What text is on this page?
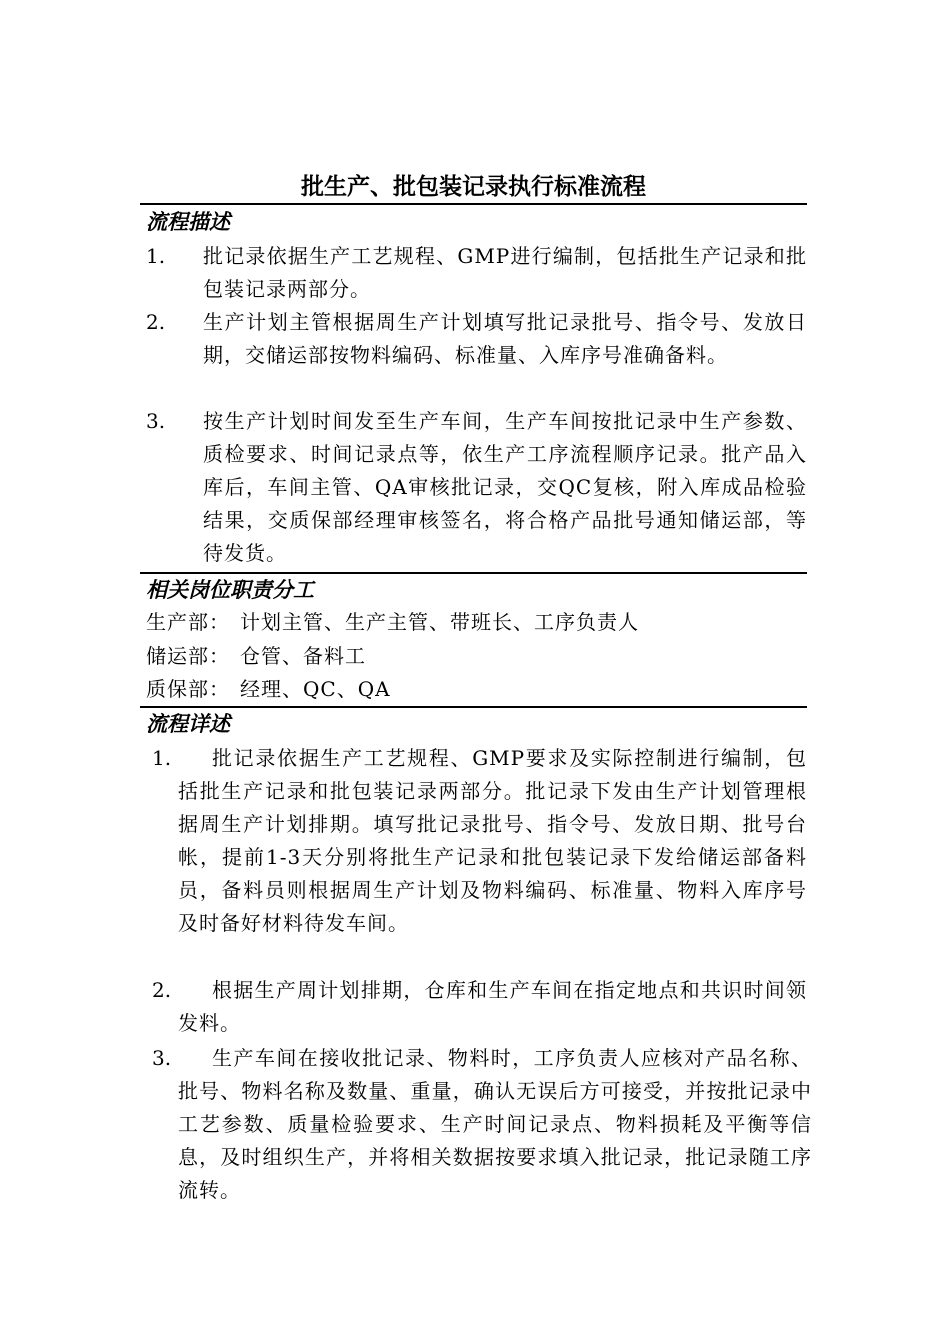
批生产、批包装记录执行标准流程
流程描述
1. 批记录依据生产工艺规程、GMP进行编制，包括批生产记录和批包装记录两部分。
2. 生产计划主管根据周生产计划填写批记录批号、指令号、发放日期，交储运部按物料编码、标准量、入库序号准确备料。
3. 按生产计划时间发至生产车间，生产车间按批记录中生产参数、质检要求、时间记录点等，依生产工序流程顺序记录。批产品入库后，车间主管、QA审核批记录，交QC复核，附入库成品检验结果，交质保部经理审核签名，将合格产品批号通知储运部，等待发货。
相关岗位职责分工
生产部： 计划主管、生产主管、带班长、工序负责人
储运部： 仓管、备料工
质保部： 经理、QC、QA
流程详述
1.	批记录依据生产工艺规程、GMP要求及实际控制进行编制，包括批生产记录和批包装记录两部分。批记录下发由生产计划管理根据周生产计划排期。填写批记录批号、指令号、发放日期、批号台帐，提前1-3天分别将批生产记录和批包装记录下发给储运部备料员，备料员则根据周生产计划及物料编码、标准量、物料入库序号及时备好材料待发车间。
2.	根据生产周计划排期，仓库和生产车间在指定地点和共识时间领发料。
3.	生产车间在接收批记录、物料时，工序负责人应核对产品名称、批号、物料名称及数量、重量，确认无误后方可接受，并按批记录中工艺参数、质量检验要求、生产时间记录点、物料损耗及平衡等信息，及时组织生产，并将相关数据按要求填入批记录，批记录随工序流转。
